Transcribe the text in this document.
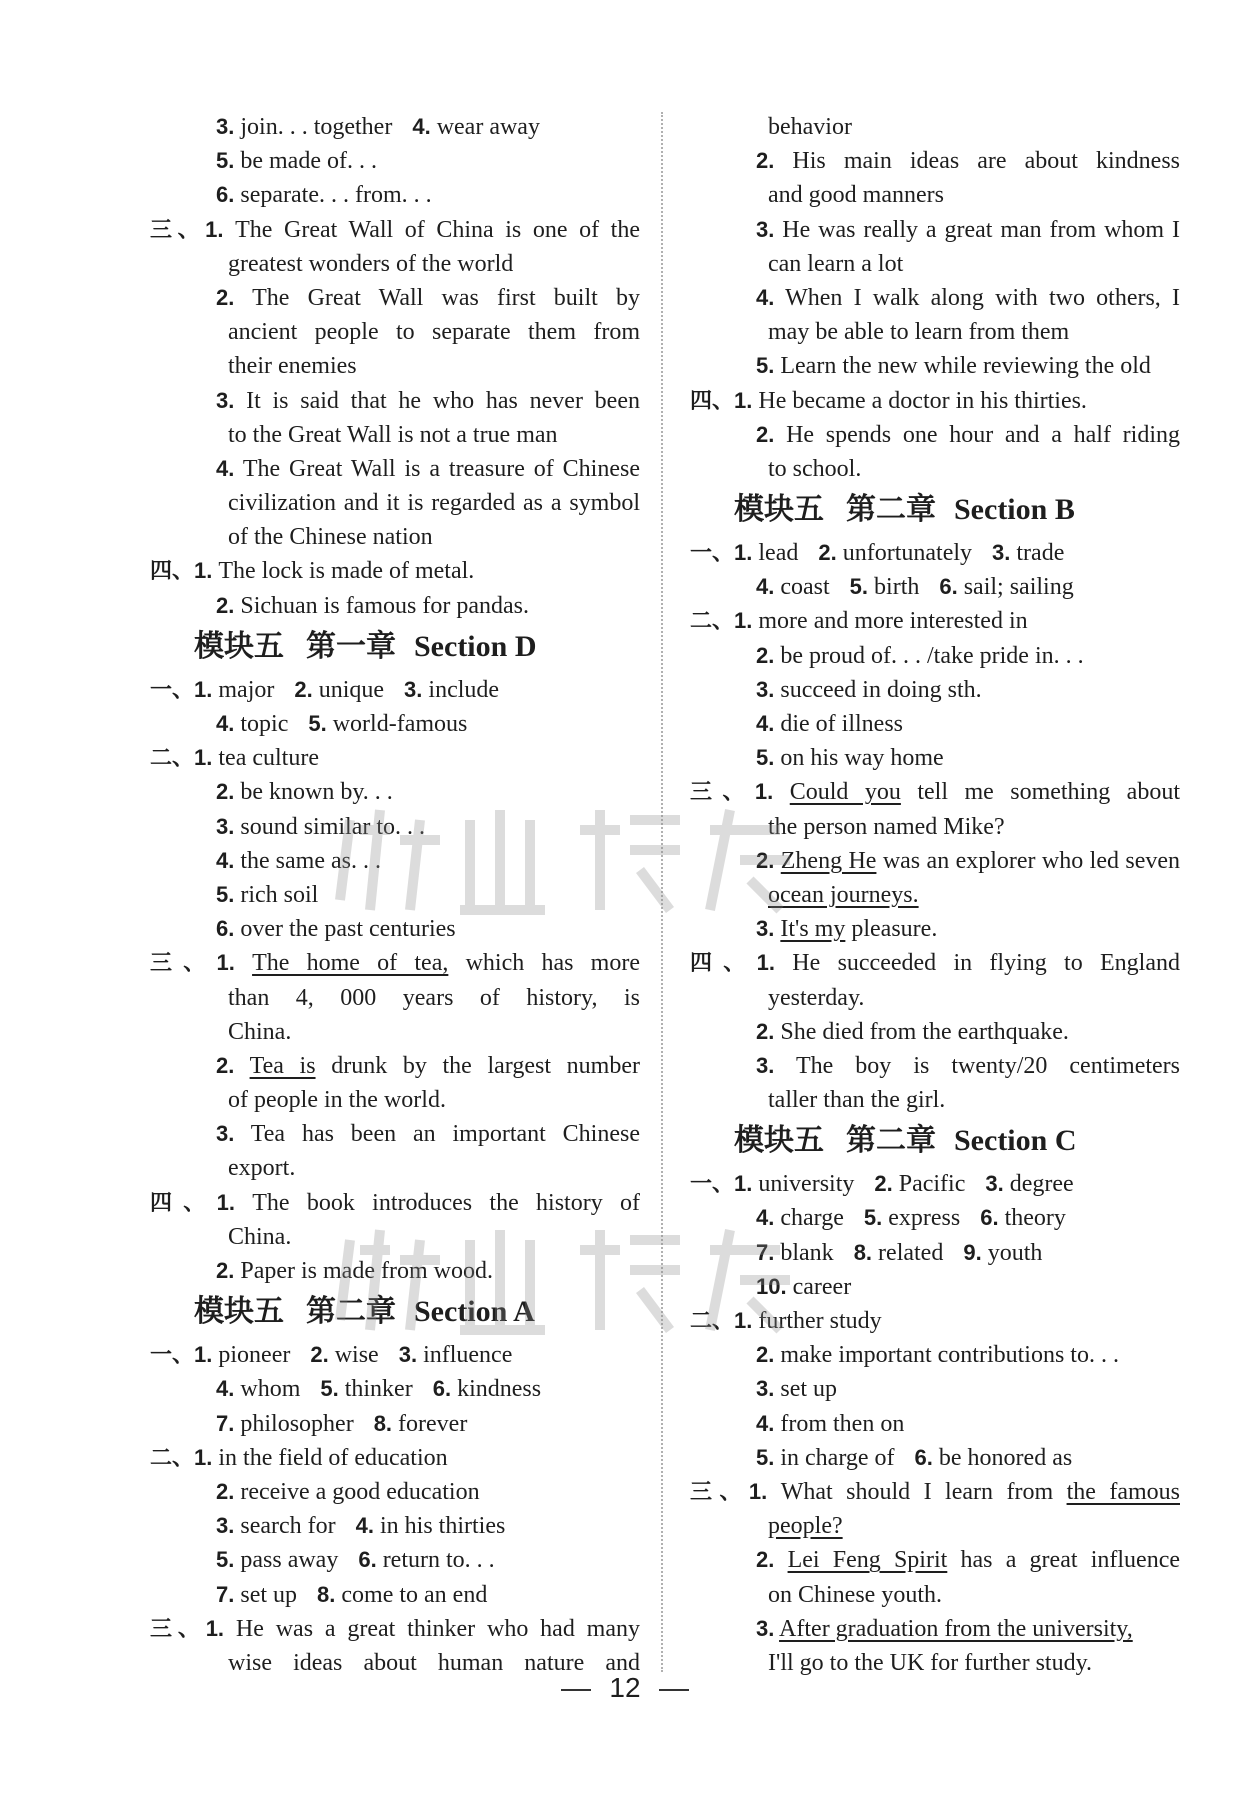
3. join. . . together 4. wear away
5. be made of. . .
6. separate. . . from. . .
三、1. The Great Wall of China is one of the
greatest wonders of the world
2. The Great Wall was first built by
ancient people to separate them from
their enemies
3. It is said that he who has never been
to the Great Wall is not a true man
4. The Great Wall is a treasure of Chinese
civilization and it is regarded as a symbol
of the Chinese nation
四、1. The lock is made of metal.
2. Sichuan is famous for pandas.
模块五 第一章 Section D
一、1. major 2. unique 3. include
4. topic 5. world-famous
二、1. tea culture
2. be known by. . .
3. sound similar to. . .
4. the same as. . .
5. rich soil
6. over the past centuries
三、1. The home of tea, which has more
than 4, 000 years of history, is
China.
2. Tea is drunk by the largest number
of people in the world.
3. Tea has been an important Chinese
export.
四、1. The book introduces the history of
China.
2. Paper is made from wood.
模块五 第二章 Section A
一、1. pioneer 2. wise 3. influence
4. whom 5. thinker 6. kindness
7. philosopher 8. forever
二、1. in the field of education
2. receive a good education
3. search for 4. in his thirties
5. pass away 6. return to. . .
7. set up 8. come to an end
三、1. He was a great thinker who had many
wise ideas about human nature and
behavior
2. His main ideas are about kindness
and good manners
3. He was really a great man from whom I
can learn a lot
4. When I walk along with two others, I
may be able to learn from them
5. Learn the new while reviewing the old
四、1. He became a doctor in his thirties.
2. He spends one hour and a half riding
to school.
模块五 第二章 Section B
一、1. lead 2. unfortunately 3. trade
4. coast 5. birth 6. sail; sailing
二、1. more and more interested in
2. be proud of. . . /take pride in. . .
3. succeed in doing sth.
4. die of illness
5. on his way home
三、1. Could you tell me something about
the person named Mike?
2. Zheng He was an explorer who led seven
ocean journeys.
3. It's my pleasure.
四、1. He succeeded in flying to England
yesterday.
2. She died from the earthquake.
3. The boy is twenty/20 centimeters
taller than the girl.
模块五 第二章 Section C
一、1. university 2. Pacific 3. degree
4. charge 5. express 6. theory
7. blank 8. related 9. youth
10. career
二、1. further study
2. make important contributions to. . .
3. set up
4. from then on
5. in charge of 6. be honored as
三、1. What should I learn from the famous
people?
2. Lei Feng Spirit has a great influence
on Chinese youth.
3. After graduation from the university,
I'll go to the UK for further study.
12
